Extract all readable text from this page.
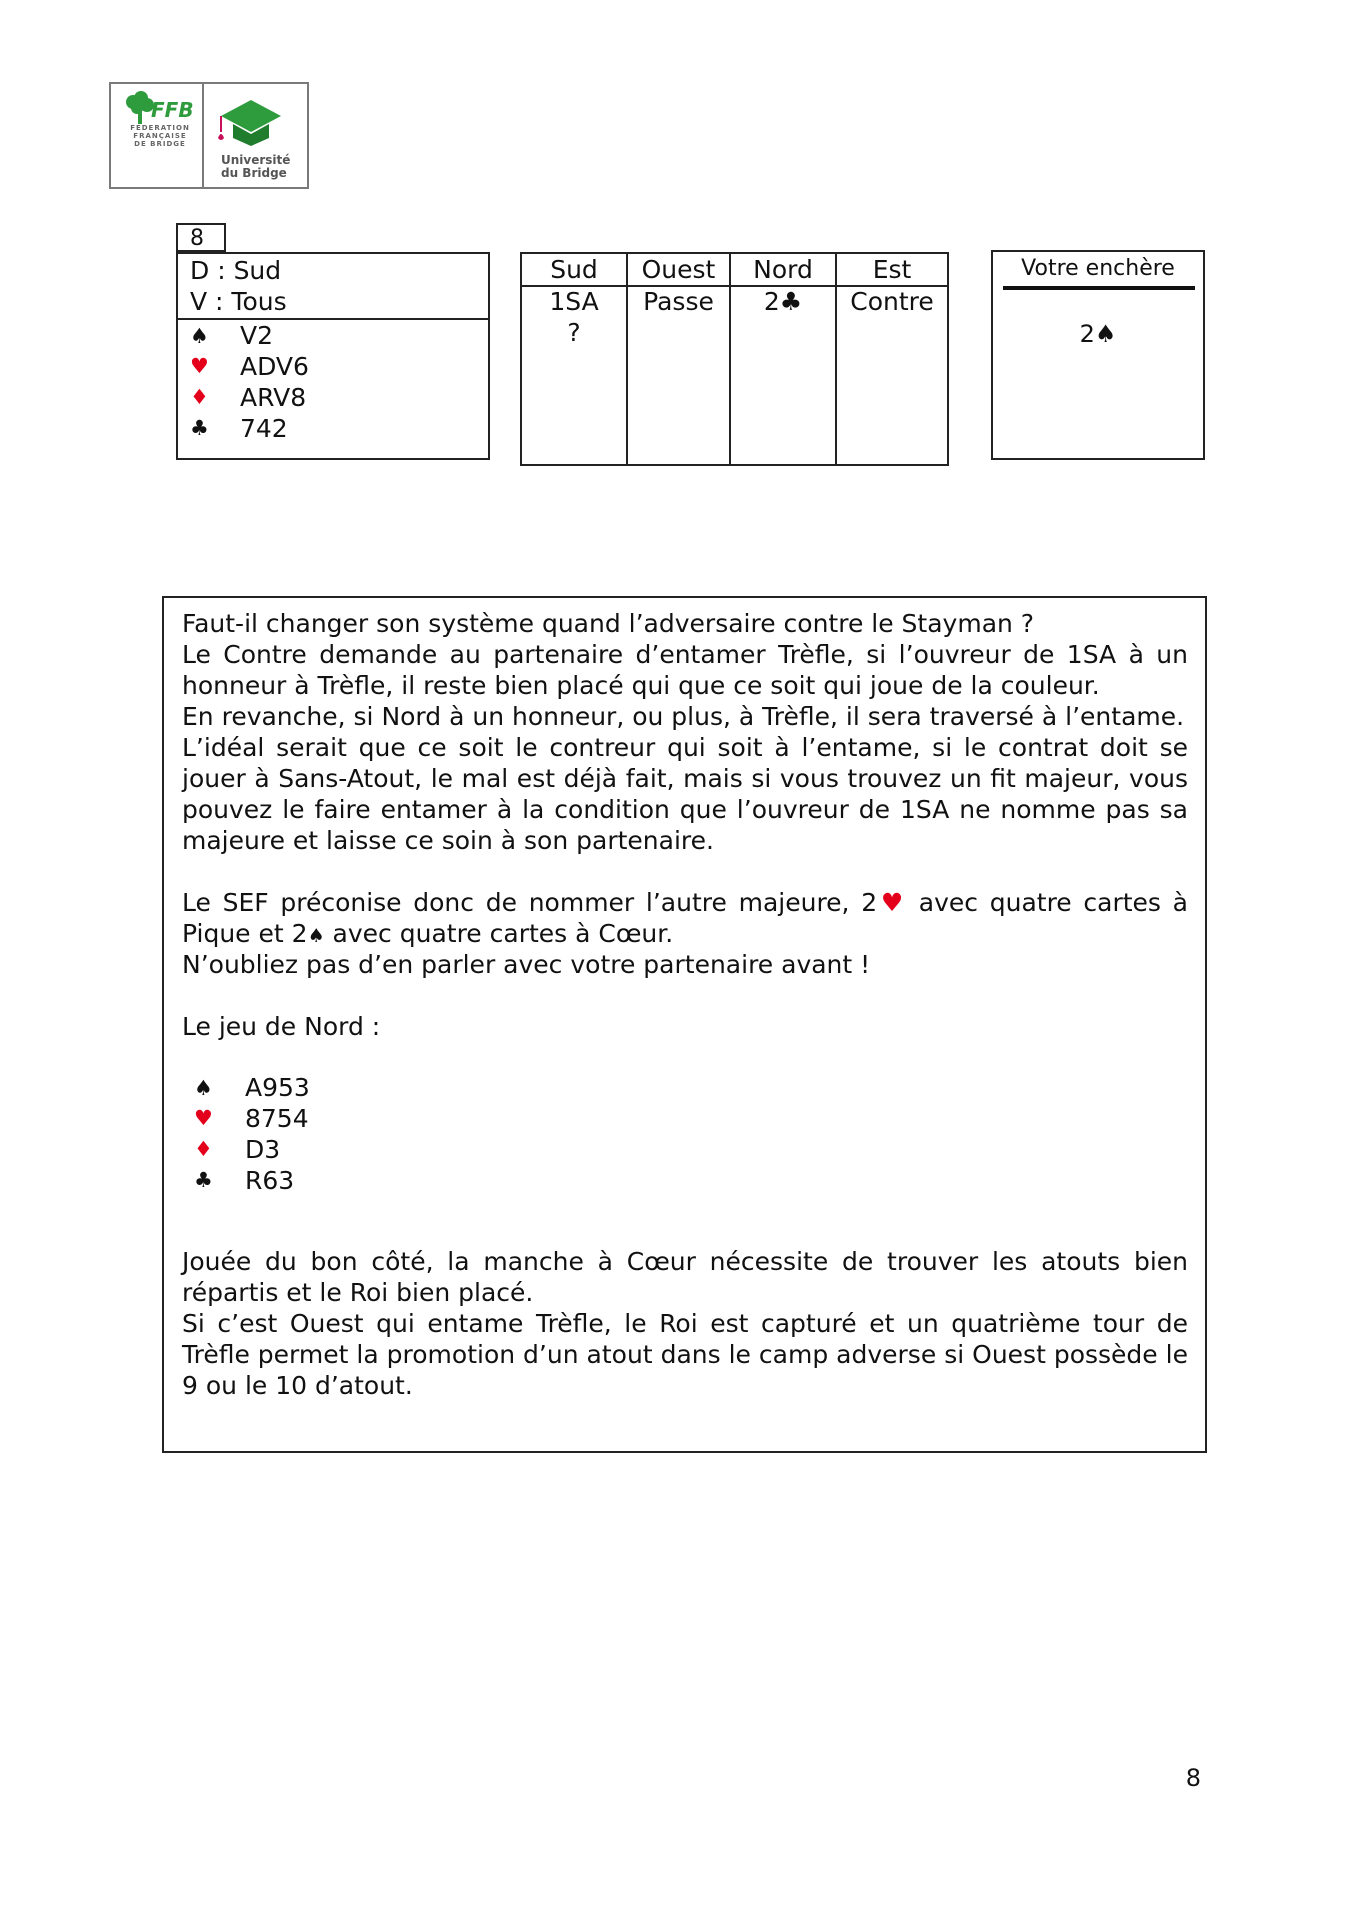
FFB
FEDERATION
FRANÇAISE
DE BRIDGE
Université
du Bridge
8
D : Sud
V : Tous
♠ V2
♥ ADV6
♦ ARV8
♣ 742
Sud	Ouest	Nord	Est
1SA	Passe	2♣	Contre
?
Votre enchère
2♠
Faut-il changer son système quand l’adversaire contre le Stayman ?
Le Contre demande au partenaire d’entamer Trèfle, si l’ouvreur de 1SA à un honneur à Trèfle, il reste bien placé qui que ce soit qui joue de la couleur.
En revanche, si Nord à un honneur, ou plus, à Trèfle, il sera traversé à l’entame.
L’idéal serait que ce soit le contreur qui soit à l’entame, si le contrat doit se jouer à Sans-Atout, le mal est déjà fait, mais si vous trouvez un fit majeur, vous pouvez le faire entamer à la condition que l’ouvreur de 1SA ne nomme pas sa majeure et laisse ce soin à son partenaire.
Le SEF préconise donc de nommer l’autre majeure, 2♥ avec quatre cartes à Pique et 2♠ avec quatre cartes à Cœur.
N’oubliez pas d’en parler avec votre partenaire avant !
Le jeu de Nord :
♠ A953
♥ 8754
♦ D3
♣ R63
Jouée du bon côté, la manche à Cœur nécessite de trouver les atouts bien répartis et le Roi bien placé.
Si c’est Ouest qui entame Trèfle, le Roi est capturé et un quatrième tour de Trèfle permet la promotion d’un atout dans le camp adverse si Ouest possède le 9 ou le 10 d’atout.
8
